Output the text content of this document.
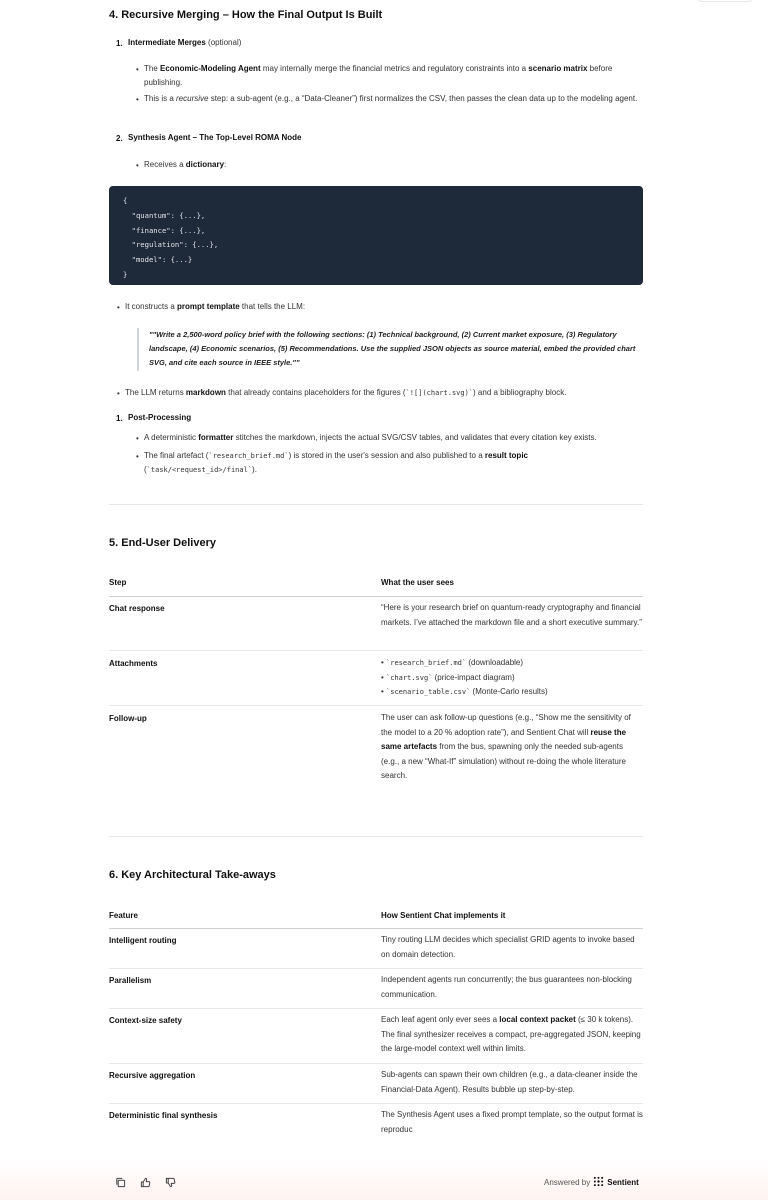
4. Recursive Merging – How the Final Output Is Built
1. Intermediate Merges (optional)
• The Economic-Modeling Agent may internally merge the financial metrics and regulatory constraints into a scenario matrix before publishing.
• This is a recursive step: a sub-agent (e.g., a “Data-Cleaner”) first normalizes the CSV, then passes the clean data up to the modeling agent.
2. Synthesis Agent – The Top-Level ROMA Node
• Receives a dictionary:
{
"quantum": {...},
"finance": {...},
"regulation": {...},
"model": {...}
}
• It constructs a prompt template that tells the LLM:
""Write a 2,500-word policy brief with the following sections: (1) Technical background, (2) Current market exposure, (3) Regulatory landscape, (4) Economic scenarios, (5) Recommendations. Use the supplied JSON objects as source material, embed the provided chart SVG, and cite each source in IEEE style.""
• The LLM returns markdown that already contains placeholders for the figures (`![](chart.svg)`) and a bibliography block.
1. Post-Processing
• A deterministic formatter stitches the markdown, injects the actual SVG/CSV tables, and validates that every citation key exists.
• The final artefact (`research_brief.md`) is stored in the user's session and also published to a result topic
(`task/<request_id>/final`).
5. End-User Delivery
Step	What the user sees
Chat response	“Here is your research brief on quantum-ready cryptography and financial markets. I’ve attached the markdown file and a short executive summary.”
Attachments	• `research_brief.md` (downloadable)
• `chart.svg` (price-impact diagram)
• `scenario_table.csv` (Monte-Carlo results)
Follow-up	The user can ask follow-up questions (e.g., “Show me the sensitivity of the model to a 20 % adoption rate”), and Sentient Chat will reuse the same artefacts from the bus, spawning only the needed sub-agents (e.g., a new “What-If” simulation) without re-doing the whole literature search.
6. Key Architectural Take-aways
Feature	How Sentient Chat implements it
Intelligent routing	Tiny routing LLM decides which specialist GRID agents to invoke based on domain detection.
Parallelism	Independent agents run concurrently; the bus guarantees non-blocking communication.
Context-size safety	Each leaf agent only ever sees a local context packet (≤ 30 k tokens). The final synthesizer receives a compact, pre-aggregated JSON, keeping the large-model context well within limits.
Recursive aggregation	Sub-agents can spawn their own children (e.g., a data-cleaner inside the Financial-Data Agent). Results bubble up step-by-step.
Deterministic final synthesis	The Synthesis Agent uses a fixed prompt template, so the output format is reproduc
Answered by Sentient
